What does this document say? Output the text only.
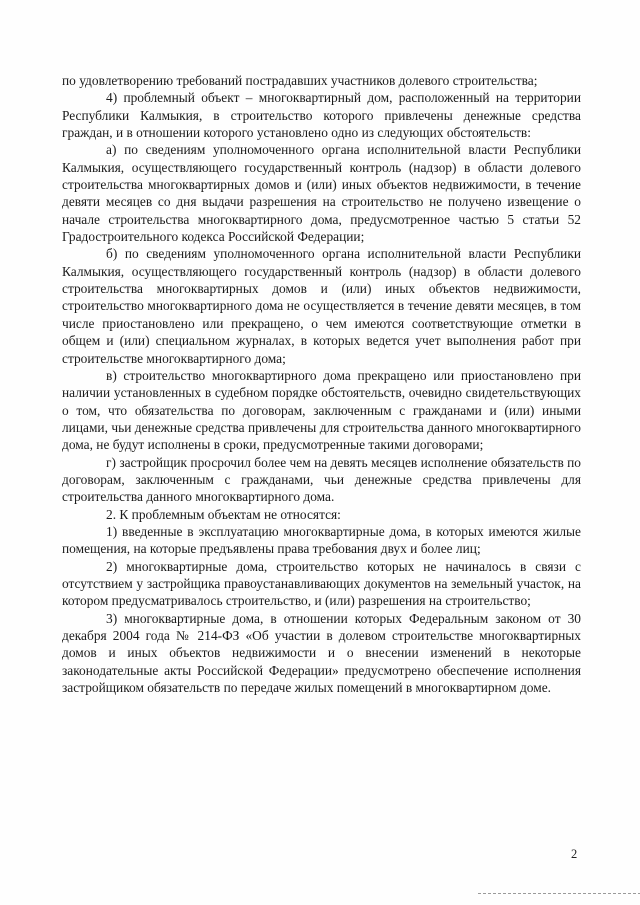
по удовлетворению требований пострадавших участников долевого строительства;

4) проблемный объект – многоквартирный дом, расположенный на территории Республики Калмыкия, в строительство которого привлечены денежные средства граждан, и в отношении которого установлено одно из следующих обстоятельств:

а) по сведениям уполномоченного органа исполнительной власти Республики Калмыкия, осуществляющего государственный контроль (надзор) в области долевого строительства многоквартирных домов и (или) иных объектов недвижимости, в течение девяти месяцев со дня выдачи разрешения на строительство не получено извещение о начале строительства многоквартирного дома, предусмотренное частью 5 статьи 52 Градостроительного кодекса Российской Федерации;

б) по сведениям уполномоченного органа исполнительной власти Республики Калмыкия, осуществляющего государственный контроль (надзор) в области долевого строительства многоквартирных домов и (или) иных объектов недвижимости, строительство многоквартирного дома не осуществляется в течение девяти месяцев, в том числе приостановлено или прекращено, о чем имеются соответствующие отметки в общем и (или) специальном журналах, в которых ведется учет выполнения работ при строительстве многоквартирного дома;

в) строительство многоквартирного дома прекращено или приостановлено при наличии установленных в судебном порядке обстоятельств, очевидно свидетельствующих о том, что обязательства по договорам, заключенным с гражданами и (или) иными лицами, чьи денежные средства привлечены для строительства данного многоквартирного дома, не будут исполнены в сроки, предусмотренные такими договорами;

г) застройщик просрочил более чем на девять месяцев исполнение обязательств по договорам, заключенным с гражданами, чьи денежные средства привлечены для строительства данного многоквартирного дома.

2. К проблемным объектам не относятся:

1) введенные в эксплуатацию многоквартирные дома, в которых имеются жилые помещения, на которые предъявлены права требования двух и более лиц;

2) многоквартирные дома, строительство которых не начиналось в связи с отсутствием у застройщика правоустанавливающих документов на земельный участок, на котором предусматривалось строительство, и (или) разрешения на строительство;

3) многоквартирные дома, в отношении которых Федеральным законом от 30 декабря 2004 года № 214-ФЗ «Об участии в долевом строительстве многоквартирных домов и иных объектов недвижимости и о внесении изменений в некоторые законодательные акты Российской Федерации» предусмотрено обеспечение исполнения застройщиком обязательств по передаче жилых помещений в многоквартирном доме.

2
